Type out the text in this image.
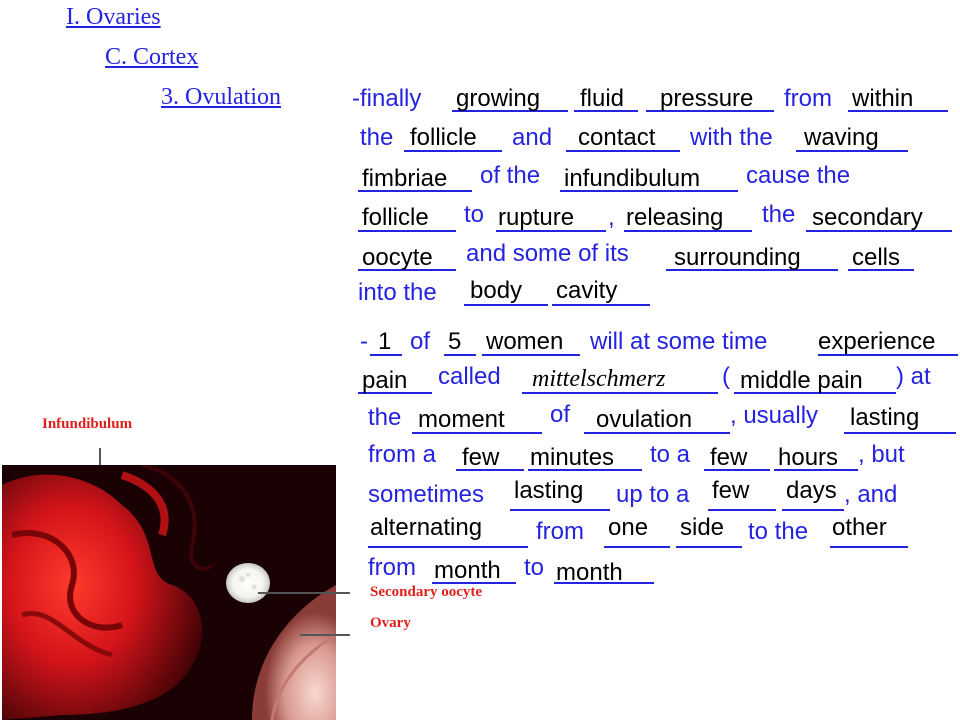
I. Ovaries
C. Cortex
3. Ovulation	-finally growing fluid pressure from within
the follicle and contact with the waving
fimbriae of the infundibulum cause the
follicle to rupture , releasing the secondary
oocyte and some of its surrounding cells
into the body cavity
- 1 of 5 women will at some time experience
pain called mittelschmerz ( middle pain ) at
the moment of ovulation , usually lasting
from a few minutes to a few hours , but
sometimes lasting up to a few days , and
alternating from one side to the other
from month to month
Infundibulum
Secondary oocyte
Ovary
